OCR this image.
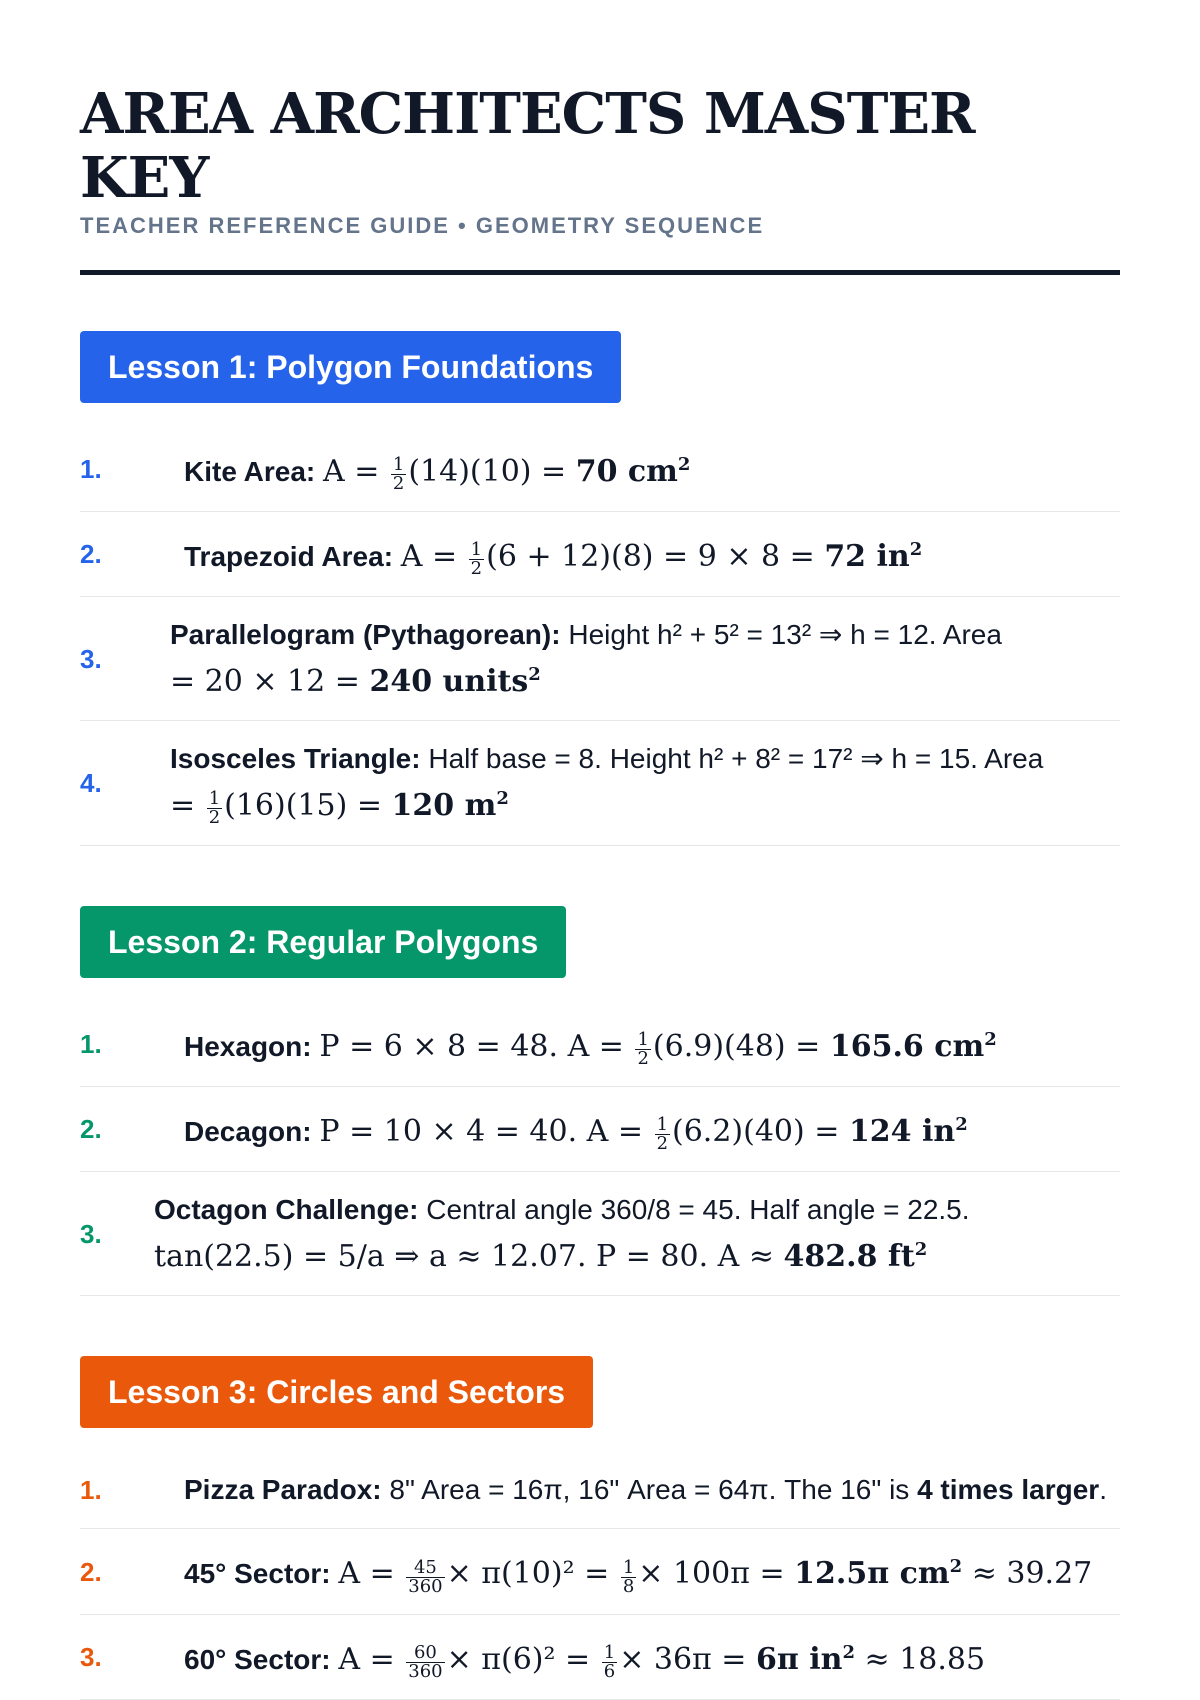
AREA ARCHITECTS MASTER KEY
TEACHER REFERENCE GUIDE • GEOMETRY SEQUENCE
Lesson 1: Polygon Foundations
1.	Kite Area: $A = \frac{1}{2} (14)(10) = 70$ $cm^2$
2.	Trapezoid Area: $A = \frac{1}{2} (6 + 12)(8) = 9 \times 8 = 72$ $in^2$
3.
Parallelogram (Pythagorean): Height h² + 5² = 13² ⇒ h = 12. Area
= 20 × 12 = 240 units$^2$
4.
Isosceles Triangle: Half base = 8. Height h² + 8² = 17² ⇒ h = 15. Area
= $\frac{1}{2} (16)(15) = 120$ $m^2$
Lesson 2: Regular Polygons
1.	Hexagon: P = 6 × 8 = 48. $A = \frac{1}{2} (6.9)(48) = 165.6$ $cm^2$
2.	Decagon: P = 10 × 4 = 40. $A = \frac{1}{2} (6.2)(40) = 124$ $in^2$
3.
Octagon Challenge: Central angle 360/8 = 45. Half angle = 22.5.
tan(22.5) = 5/a ⇒ a ≈ 12.07. P = 80. A ≈ 482.8 $ft^2$
Lesson 3: Circles and Sectors
1.	Pizza Paradox: 8" Area = 16π, 16" Area = 64π. The 16" is 4 times larger.
2.	45° Sector: $A = \frac{45}{360} \times \pi(10)^2 = \frac{1}{8} \times 100\pi = 12.5\pi$ $cm^2 \approx 39.27$
3.	60° Sector: $A = \frac{60}{360} \times \pi(6)^2 = \frac{1}{6} \times 36\pi = 6\pi$ $in^2 \approx 18.85$
